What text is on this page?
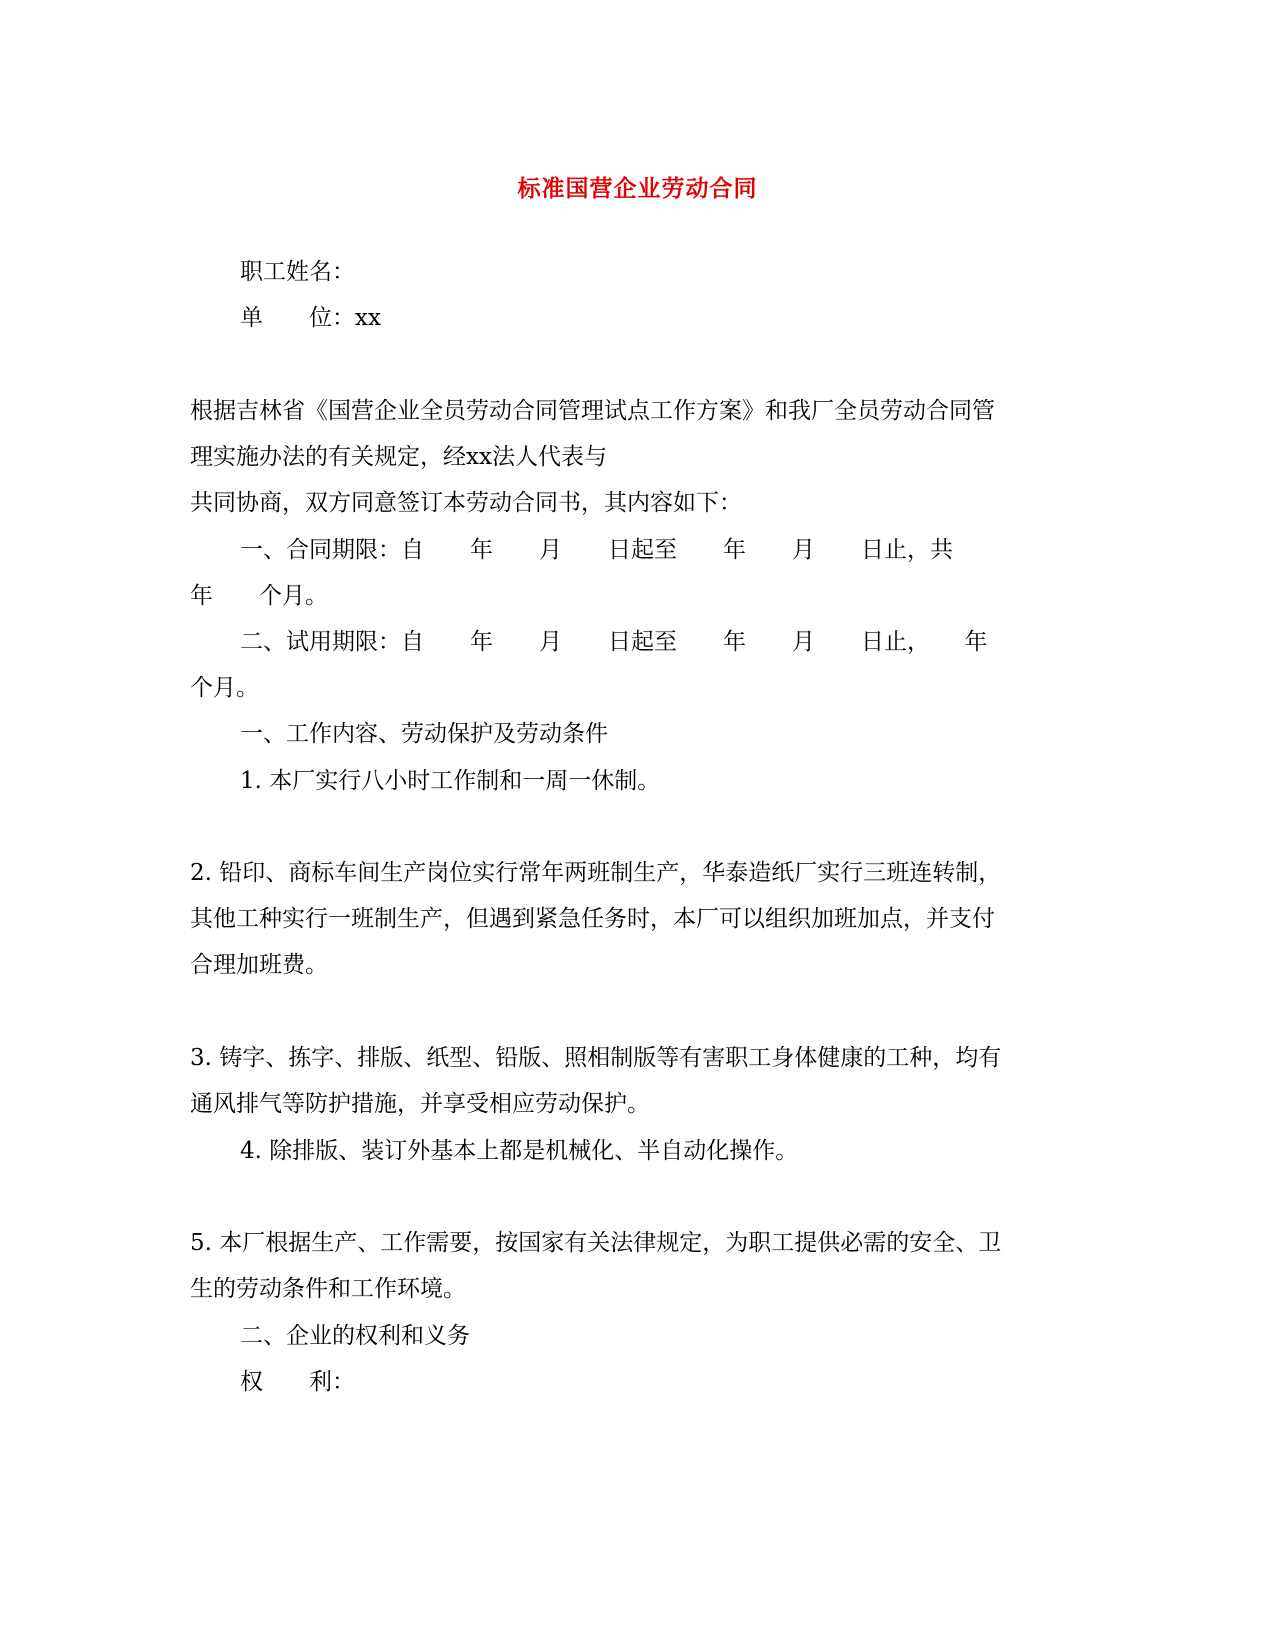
标准国营企业劳动合同
职工姓名：
单　　位：xx
根据吉林省《国营企业全员劳动合同管理试点工作方案》和我厂全员劳动合同管
理实施办法的有关规定，经xx法人代表与
共同协商，双方同意签订本劳动合同书，其内容如下：
一、合同期限：自　　年　　月　　日起至　　年　　月　　日止，共
年　　个月。
二、试用期限：自　　年　　月　　日起至　　年　　月　　日止，　　年
个月。
一、工作内容、劳动保护及劳动条件
1. 本厂实行八小时工作制和一周一休制。
2. 铅印、商标车间生产岗位实行常年两班制生产，华泰造纸厂实行三班连转制，
其他工种实行一班制生产，但遇到紧急任务时，本厂可以组织加班加点，并支付
合理加班费。
3. 铸字、拣字、排版、纸型、铅版、照相制版等有害职工身体健康的工种，均有
通风排气等防护措施，并享受相应劳动保护。
4. 除排版、装订外基本上都是机械化、半自动化操作。
5. 本厂根据生产、工作需要，按国家有关法律规定，为职工提供必需的安全、卫
生的劳动条件和工作环境。
二、企业的权利和义务
权　　利：
